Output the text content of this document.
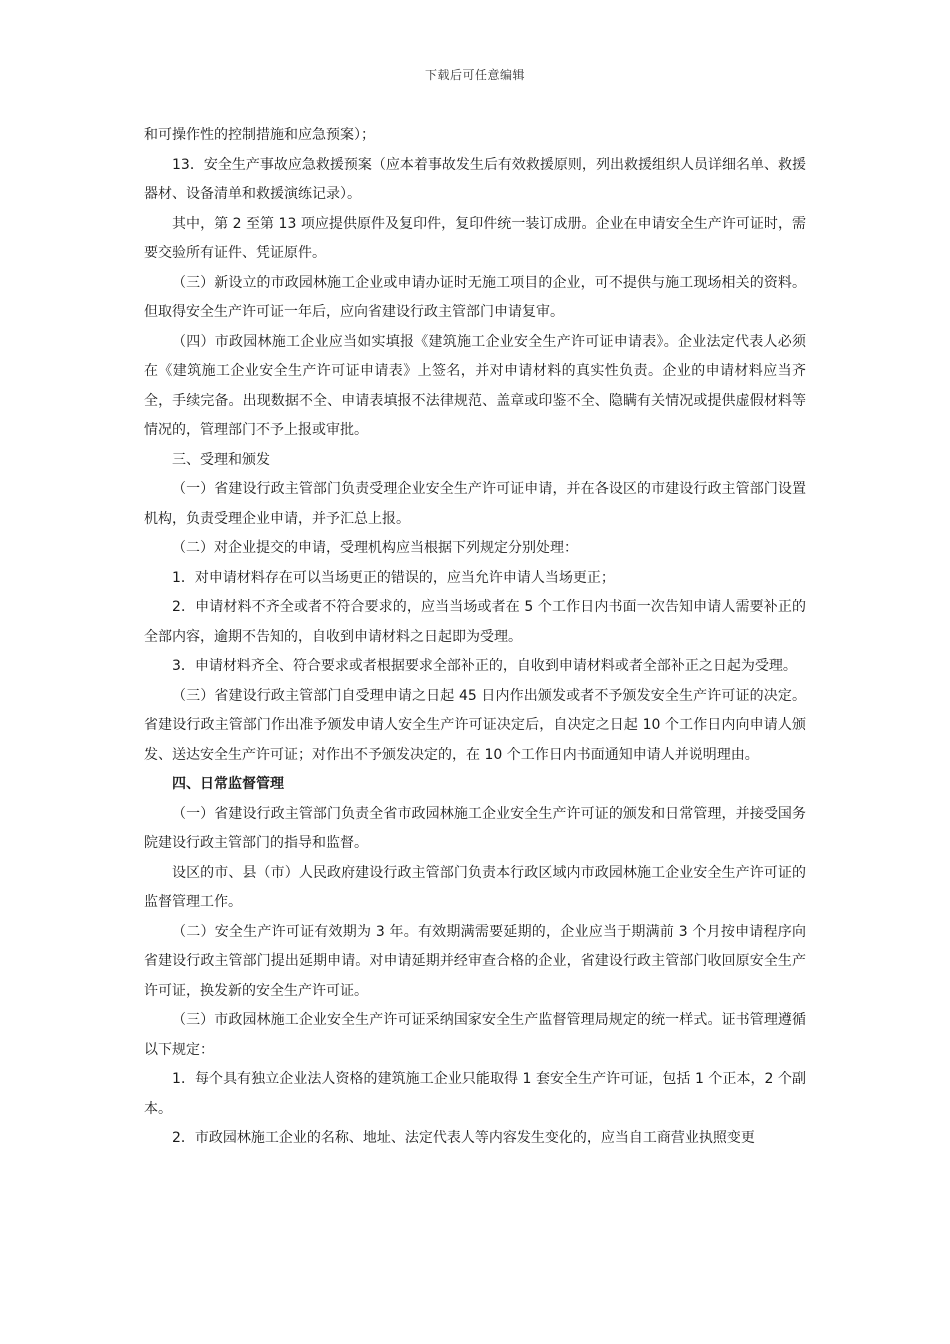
下载后可任意编辑

和可操作性的控制措施和应急预案）；

13．安全生产事故应急救援预案（应本着事故发生后有效救援原则，列出救援组织人员详细名单、救援器材、设备清单和救援演练记录）。

其中，第 2 至第 13 项应提供原件及复印件，复印件统一装订成册。企业在申请安全生产许可证时，需要交验所有证件、凭证原件。

（三）新设立的市政园林施工企业或申请办证时无施工项目的企业，可不提供与施工现场相关的资料。但取得安全生产许可证一年后，应向省建设行政主管部门申请复审。

（四）市政园林施工企业应当如实填报《建筑施工企业安全生产许可证申请表》。企业法定代表人必须在《建筑施工企业安全生产许可证申请表》上签名，并对申请材料的真实性负责。企业的申请材料应当齐全，手续完备。出现数据不全、申请表填报不法律规范、盖章或印鉴不全、隐瞒有关情况或提供虚假材料等情况的，管理部门不予上报或审批。

三、受理和颁发

（一）省建设行政主管部门负责受理企业安全生产许可证申请，并在各设区的市建设行政主管部门设置机构，负责受理企业申请，并予汇总上报。

（二）对企业提交的申请，受理机构应当根据下列规定分别处理：

1．对申请材料存在可以当场更正的错误的，应当允许申请人当场更正；

2．申请材料不齐全或者不符合要求的，应当当场或者在 5 个工作日内书面一次告知申请人需要补正的全部内容，逾期不告知的，自收到申请材料之日起即为受理。

3．申请材料齐全、符合要求或者根据要求全部补正的，自收到申请材料或者全部补正之日起为受理。

（三）省建设行政主管部门自受理申请之日起 45 日内作出颁发或者不予颁发安全生产许可证的决定。省建设行政主管部门作出准予颁发申请人安全生产许可证决定后，自决定之日起 10 个工作日内向申请人颁发、送达安全生产许可证；对作出不予颁发决定的，在 10 个工作日内书面通知申请人并说明理由。

四、日常监督管理

（一）省建设行政主管部门负责全省市政园林施工企业安全生产许可证的颁发和日常管理，并接受国务院建设行政主管部门的指导和监督。

设区的市、县（市）人民政府建设行政主管部门负责本行政区域内市政园林施工企业安全生产许可证的监督管理工作。

（二）安全生产许可证有效期为 3 年。有效期满需要延期的，企业应当于期满前 3 个月按申请程序向省建设行政主管部门提出延期申请。对申请延期并经审查合格的企业，省建设行政主管部门收回原安全生产许可证，换发新的安全生产许可证。

（三）市政园林施工企业安全生产许可证采纳国家安全生产监督管理局规定的统一样式。证书管理遵循以下规定：

1．每个具有独立企业法人资格的建筑施工企业只能取得 1 套安全生产许可证，包括 1 个正本，2 个副本。

2．市政园林施工企业的名称、地址、法定代表人等内容发生变化的，应当自工商营业执照变更
